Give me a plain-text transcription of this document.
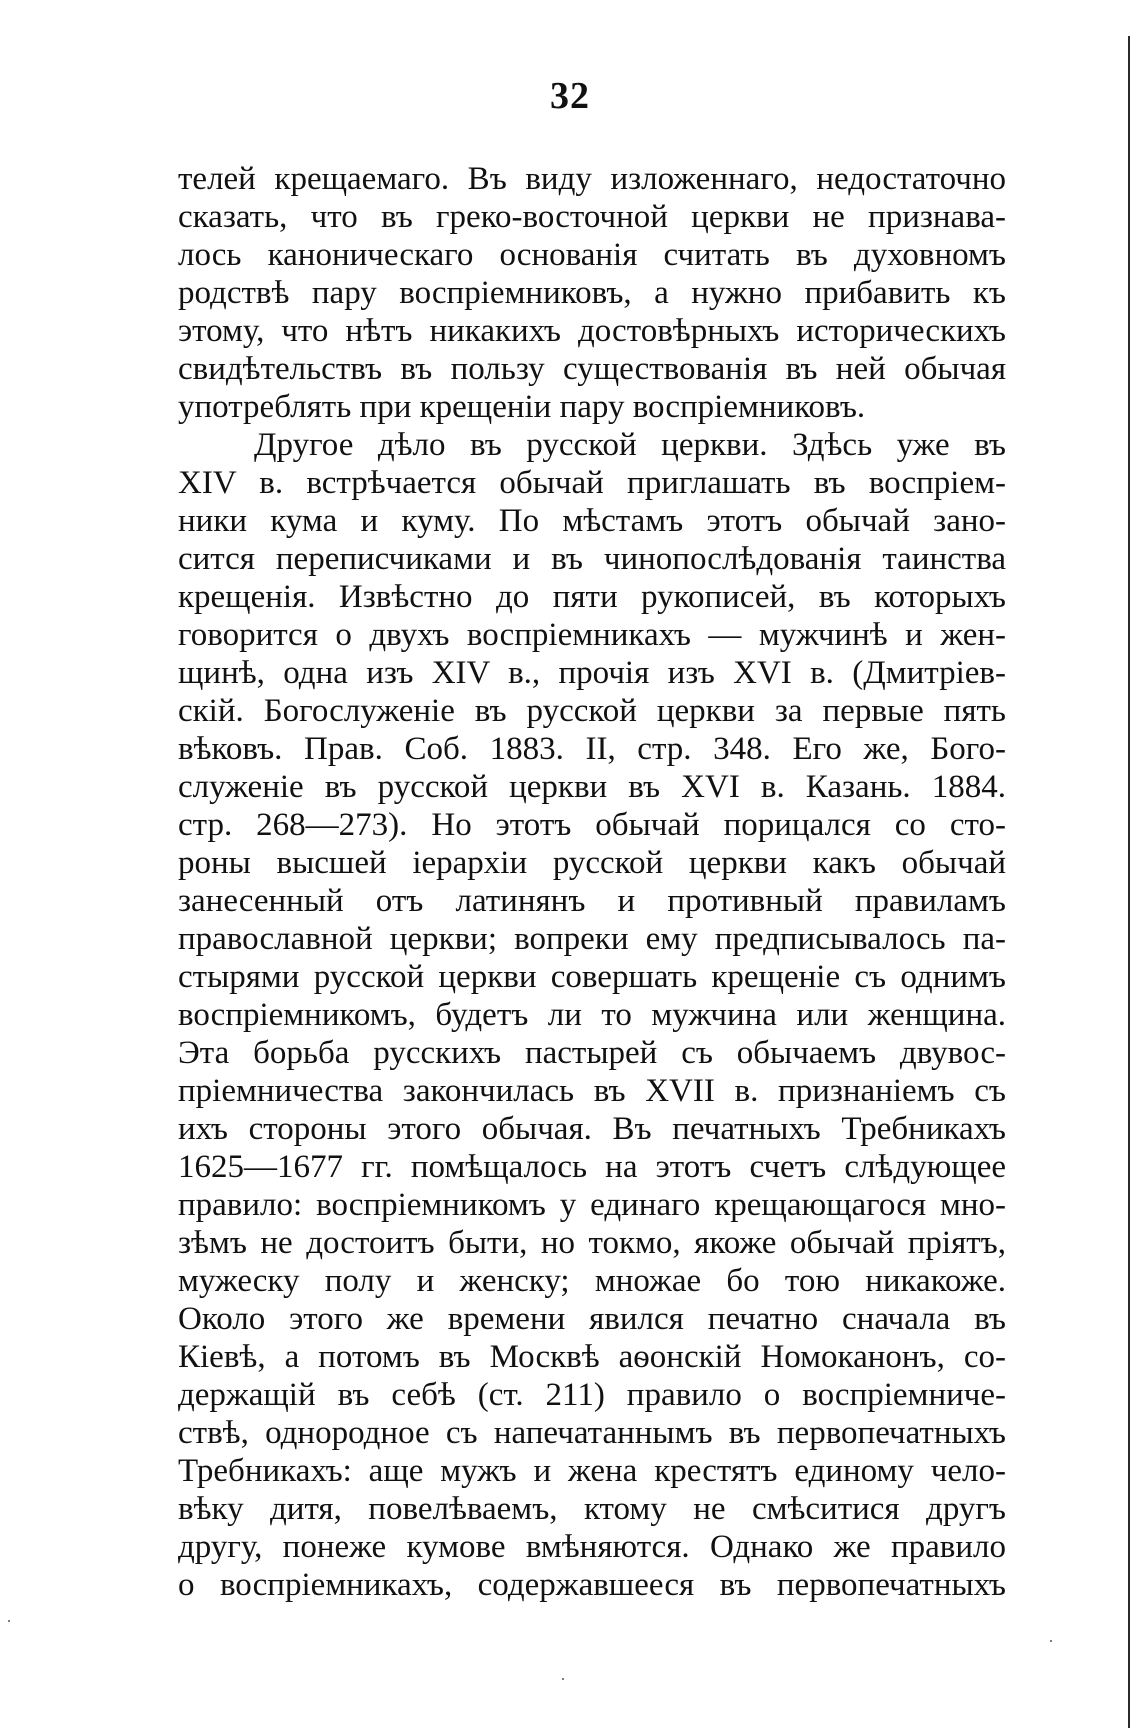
32
телей крещаемаго. Въ виду изложеннаго, недостаточно
сказать, что въ греко-восточной церкви не признава-
лось каноническаго основанія считать въ духовномъ
родствѣ пару воспріемниковъ, а нужно прибавить къ
этому, что нѣтъ никакихъ достовѣрныхъ историческихъ
свидѣтельствъ въ пользу существованія въ ней обычая
употреблять при крещеніи пару воспріемниковъ.
Другое дѣло въ русской церкви. Здѣсь уже въ
XIV в. встрѣчается обычай приглашать въ воспріем-
ники кума и куму. По мѣстамъ этотъ обычай зано-
сится переписчиками и въ чинопослѣдованія таинства
крещенія. Извѣстно до пяти рукописей, въ которыхъ
говорится о двухъ воспріемникахъ — мужчинѣ и жен-
щинѣ, одна изъ XIV в., прочія изъ XVI в. (Дмитріев-
скій. Богослуженіе въ русской церкви за первые пять
вѣковъ. Прав. Соб. 1883. II, стр. 348. Его же, Бого-
служеніе въ русской церкви въ XVI в. Казань. 1884.
стр. 268—273). Но этотъ обычай порицался со сто-
роны высшей іерархіи русской церкви какъ обычай
занесенный отъ латинянъ и противный правиламъ
православной церкви; вопреки ему предписывалось па-
стырями русской церкви совершать крещеніе съ однимъ
воспріемникомъ, будетъ ли то мужчина или женщина.
Эта борьба русскихъ пастырей съ обычаемъ двувос-
пріемничества закончилась въ XVII в. признаніемъ съ
ихъ стороны этого обычая. Въ печатныхъ Требникахъ
1625—1677 гг. помѣщалось на этотъ счетъ слѣдующее
правило: воспріемникомъ у единаго крещающагося мно-
зѣмъ не достоитъ быти, но токмо, якоже обычай пріятъ,
мужеску полу и женску; множае бо тою никакоже.
Около этого же времени явился печатно сначала въ
Кіевѣ, а потомъ въ Москвѣ аѳонскій Номоканонъ, со-
держащій въ себѣ (ст. 211) правило о воспріемниче-
ствѣ, однородное съ напечатаннымъ въ первопечатныхъ
Требникахъ: аще мужъ и жена крестятъ единому чело-
вѣку дитя, повелѣваемъ, ктому не смѣситися другъ
другу, понеже кумове вмѣняются. Однако же правило
о воспріемникахъ, содержавшееся въ первопечатныхъ
